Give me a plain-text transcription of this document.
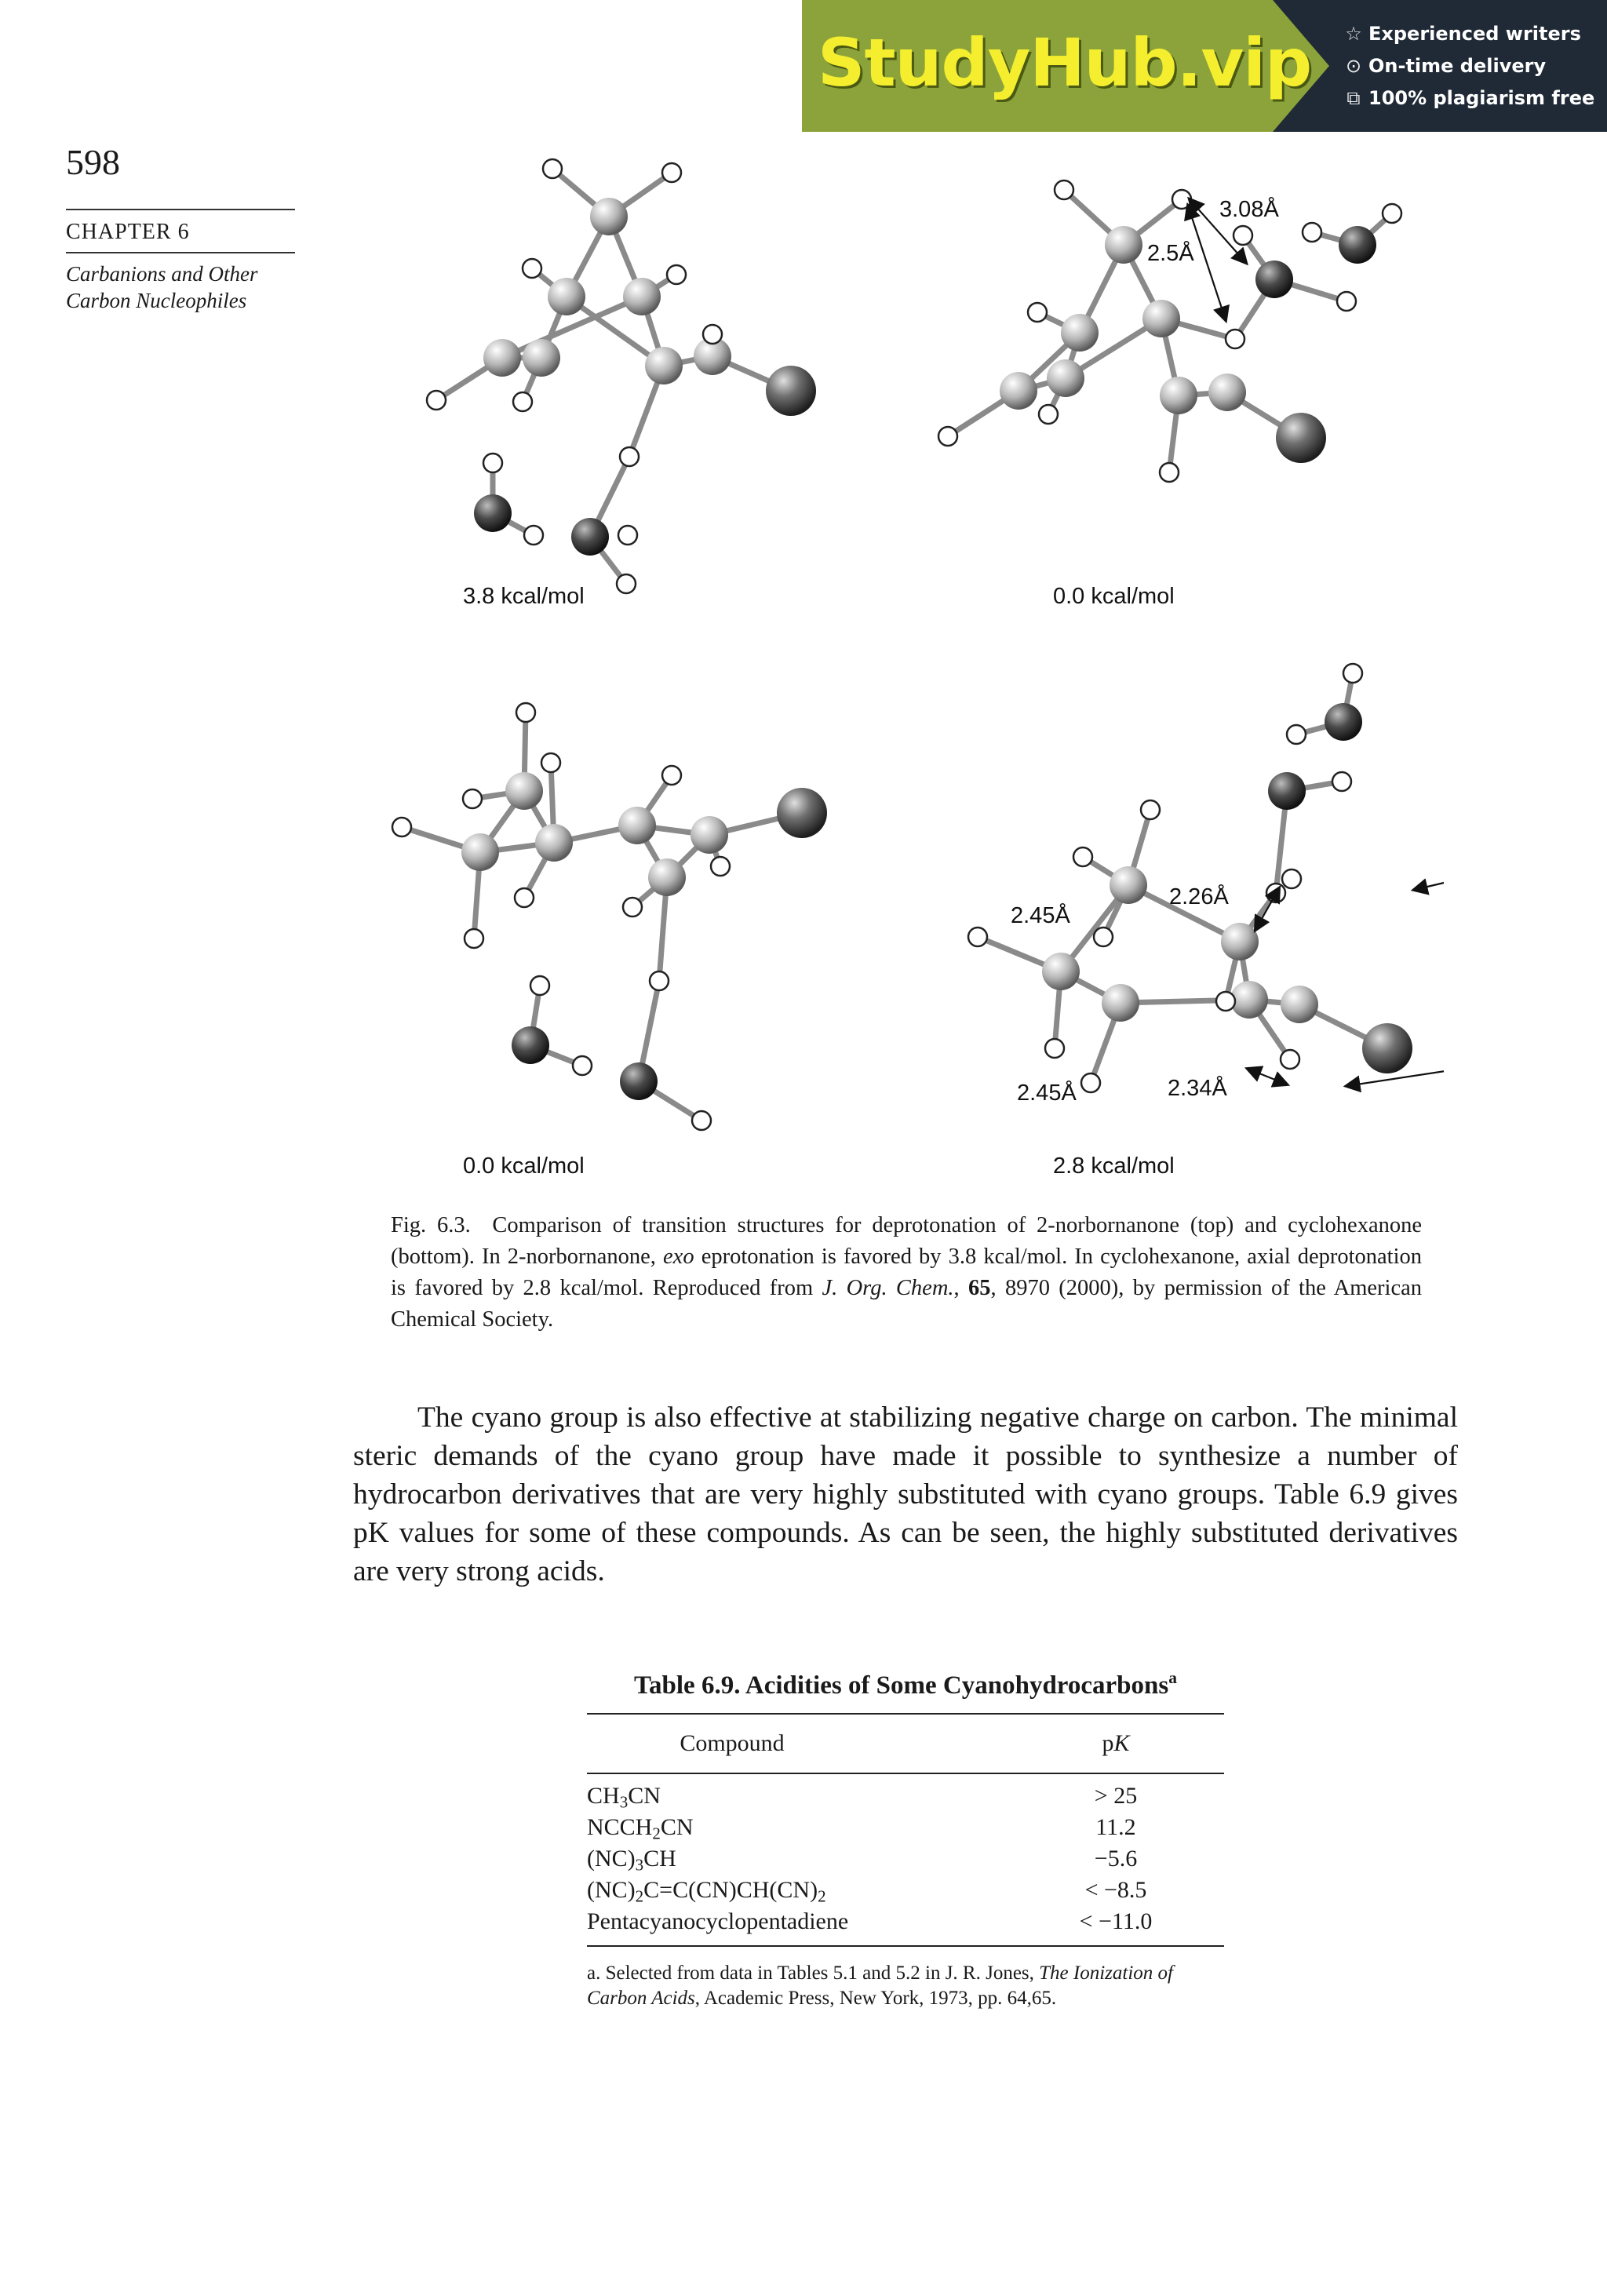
StudyHub.vip ☆ Experienced writers
⊙ On-time delivery
⧉ 100% plagiarism free
598
CHAPTER 6
Carbanions and Other
Carbon Nucleophiles
3.08Å
2.5Å
2.26Å
2.45Å
2.45Å	2.34Å
3.8 kcal/mol	0.0 kcal/mol
0.0 kcal/mol	2.8 kcal/mol
Fig. 6.3. Comparison of transition structures for deprotonation of 2-norbornanone (top) and cyclohexanone (bottom). In 2-norbornanone, exo eprotonation is favored by 3.8 kcal/mol. In cyclohexanone, axial deprotonation is favored by 2.8 kcal/mol. Reproduced from J. Org. Chem., 65, 8970 (2000), by permission of the American Chemical Society.

The cyano group is also effective at stabilizing negative charge on carbon. The minimal steric demands of the cyano group have made it possible to synthesize a number of hydrocarbon derivatives that are very highly substituted with cyano groups. Table 6.9 gives pK values for some of these compounds. As can be seen, the highly substituted derivatives are very strong acids.

Table 6.9. Acidities of Some Cyanohydrocarbons$^a$
Compound	pK
$CH_3CN$	> 25
$NCCH_2CN$	11.2
$(NC)_3CH$	−5.6
$(NC)_2C=C(CN)CH(CN)_2$	< −8.5
Pentacyanocyclopentadiene	< −11.0
a. Selected from data in Tables 5.1 and 5.2 in J. R. Jones, The Ionization of Carbon Acids, Academic Press, New York, 1973, pp. 64,65.
